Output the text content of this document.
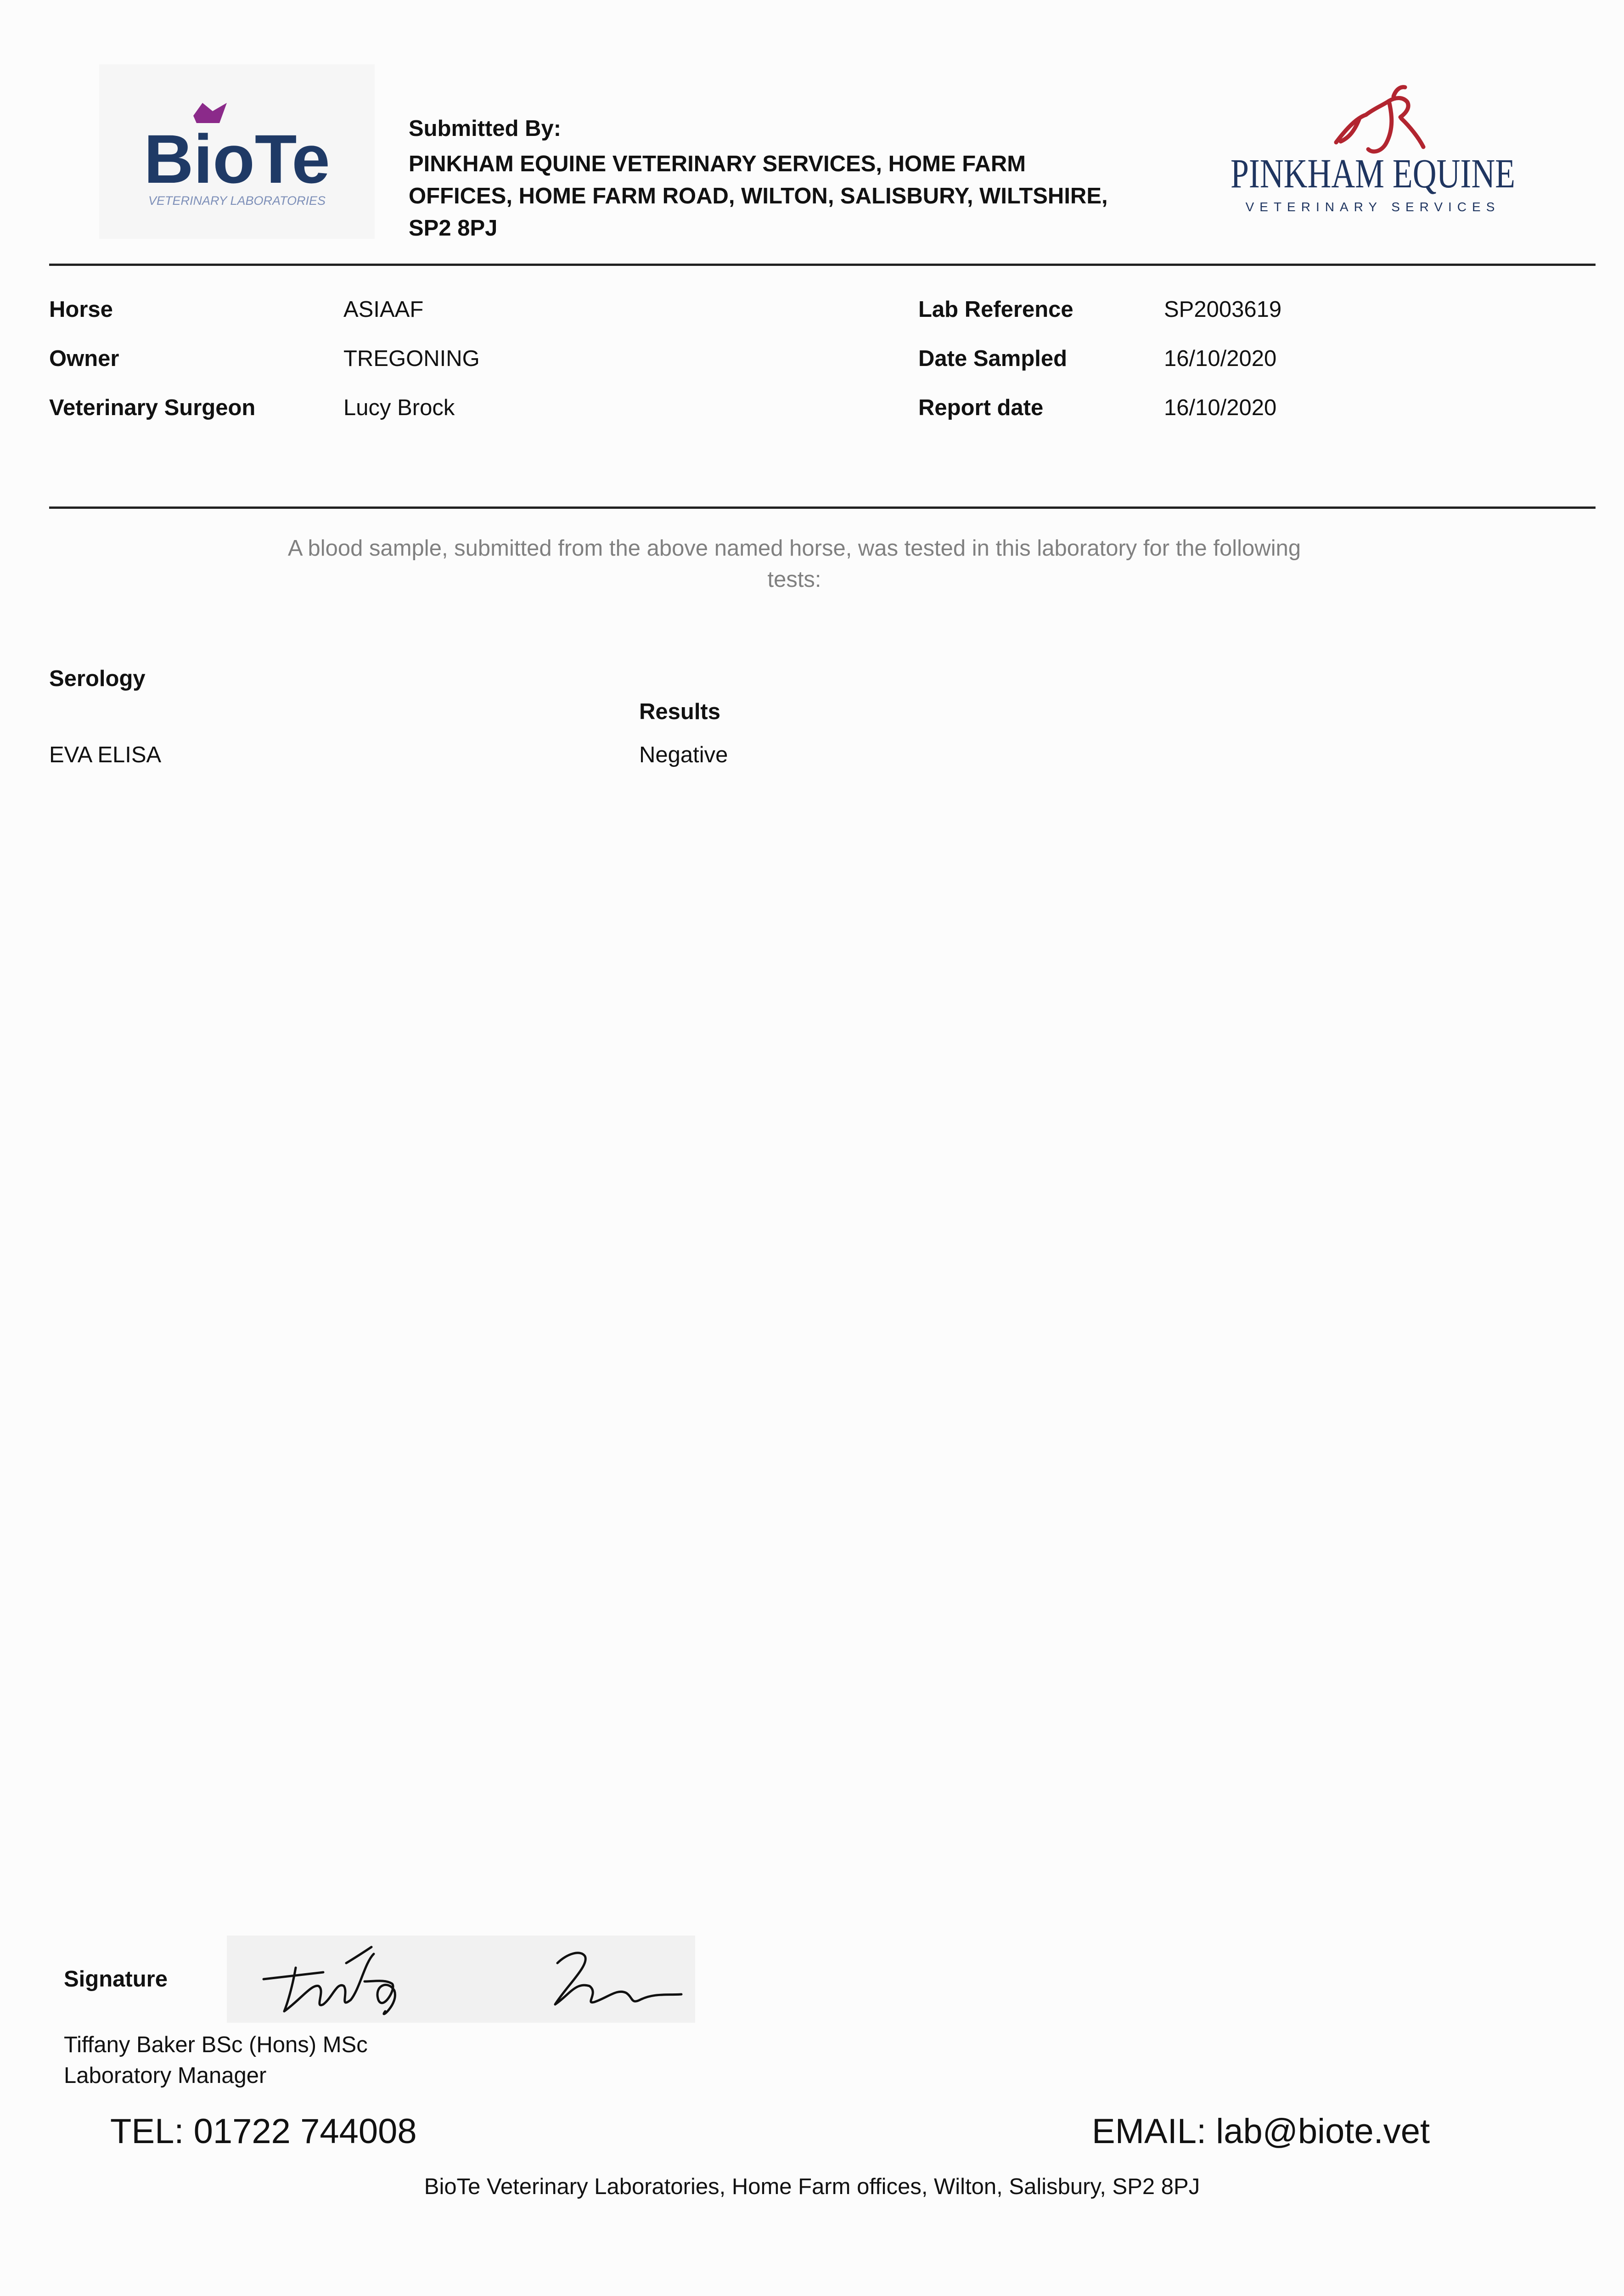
BioTe
VETERINARY LABORATORIES
Submitted By:
PINKHAM EQUINE VETERINARY SERVICES, HOME FARM OFFICES, HOME FARM ROAD, WILTON, SALISBURY, WILTSHIRE, SP2 8PJ
PINKHAM EQUINE
VETERINARY SERVICES
Horse	ASIAAF
Owner	TREGONING
Veterinary Surgeon	Lucy Brock
Lab Reference	SP2003619
Date Sampled	16/10/2020
Report date	16/10/2020
A blood sample, submitted from the above named horse, was tested in this laboratory for the following tests:
Serology
Results
EVA ELISA	Negative
Signature
Tiffany Baker BSc (Hons) MSc
Laboratory Manager
TEL: 01722 744008	EMAIL: lab@biote.vet
BioTe Veterinary Laboratories, Home Farm offices, Wilton, Salisbury, SP2 8PJ
